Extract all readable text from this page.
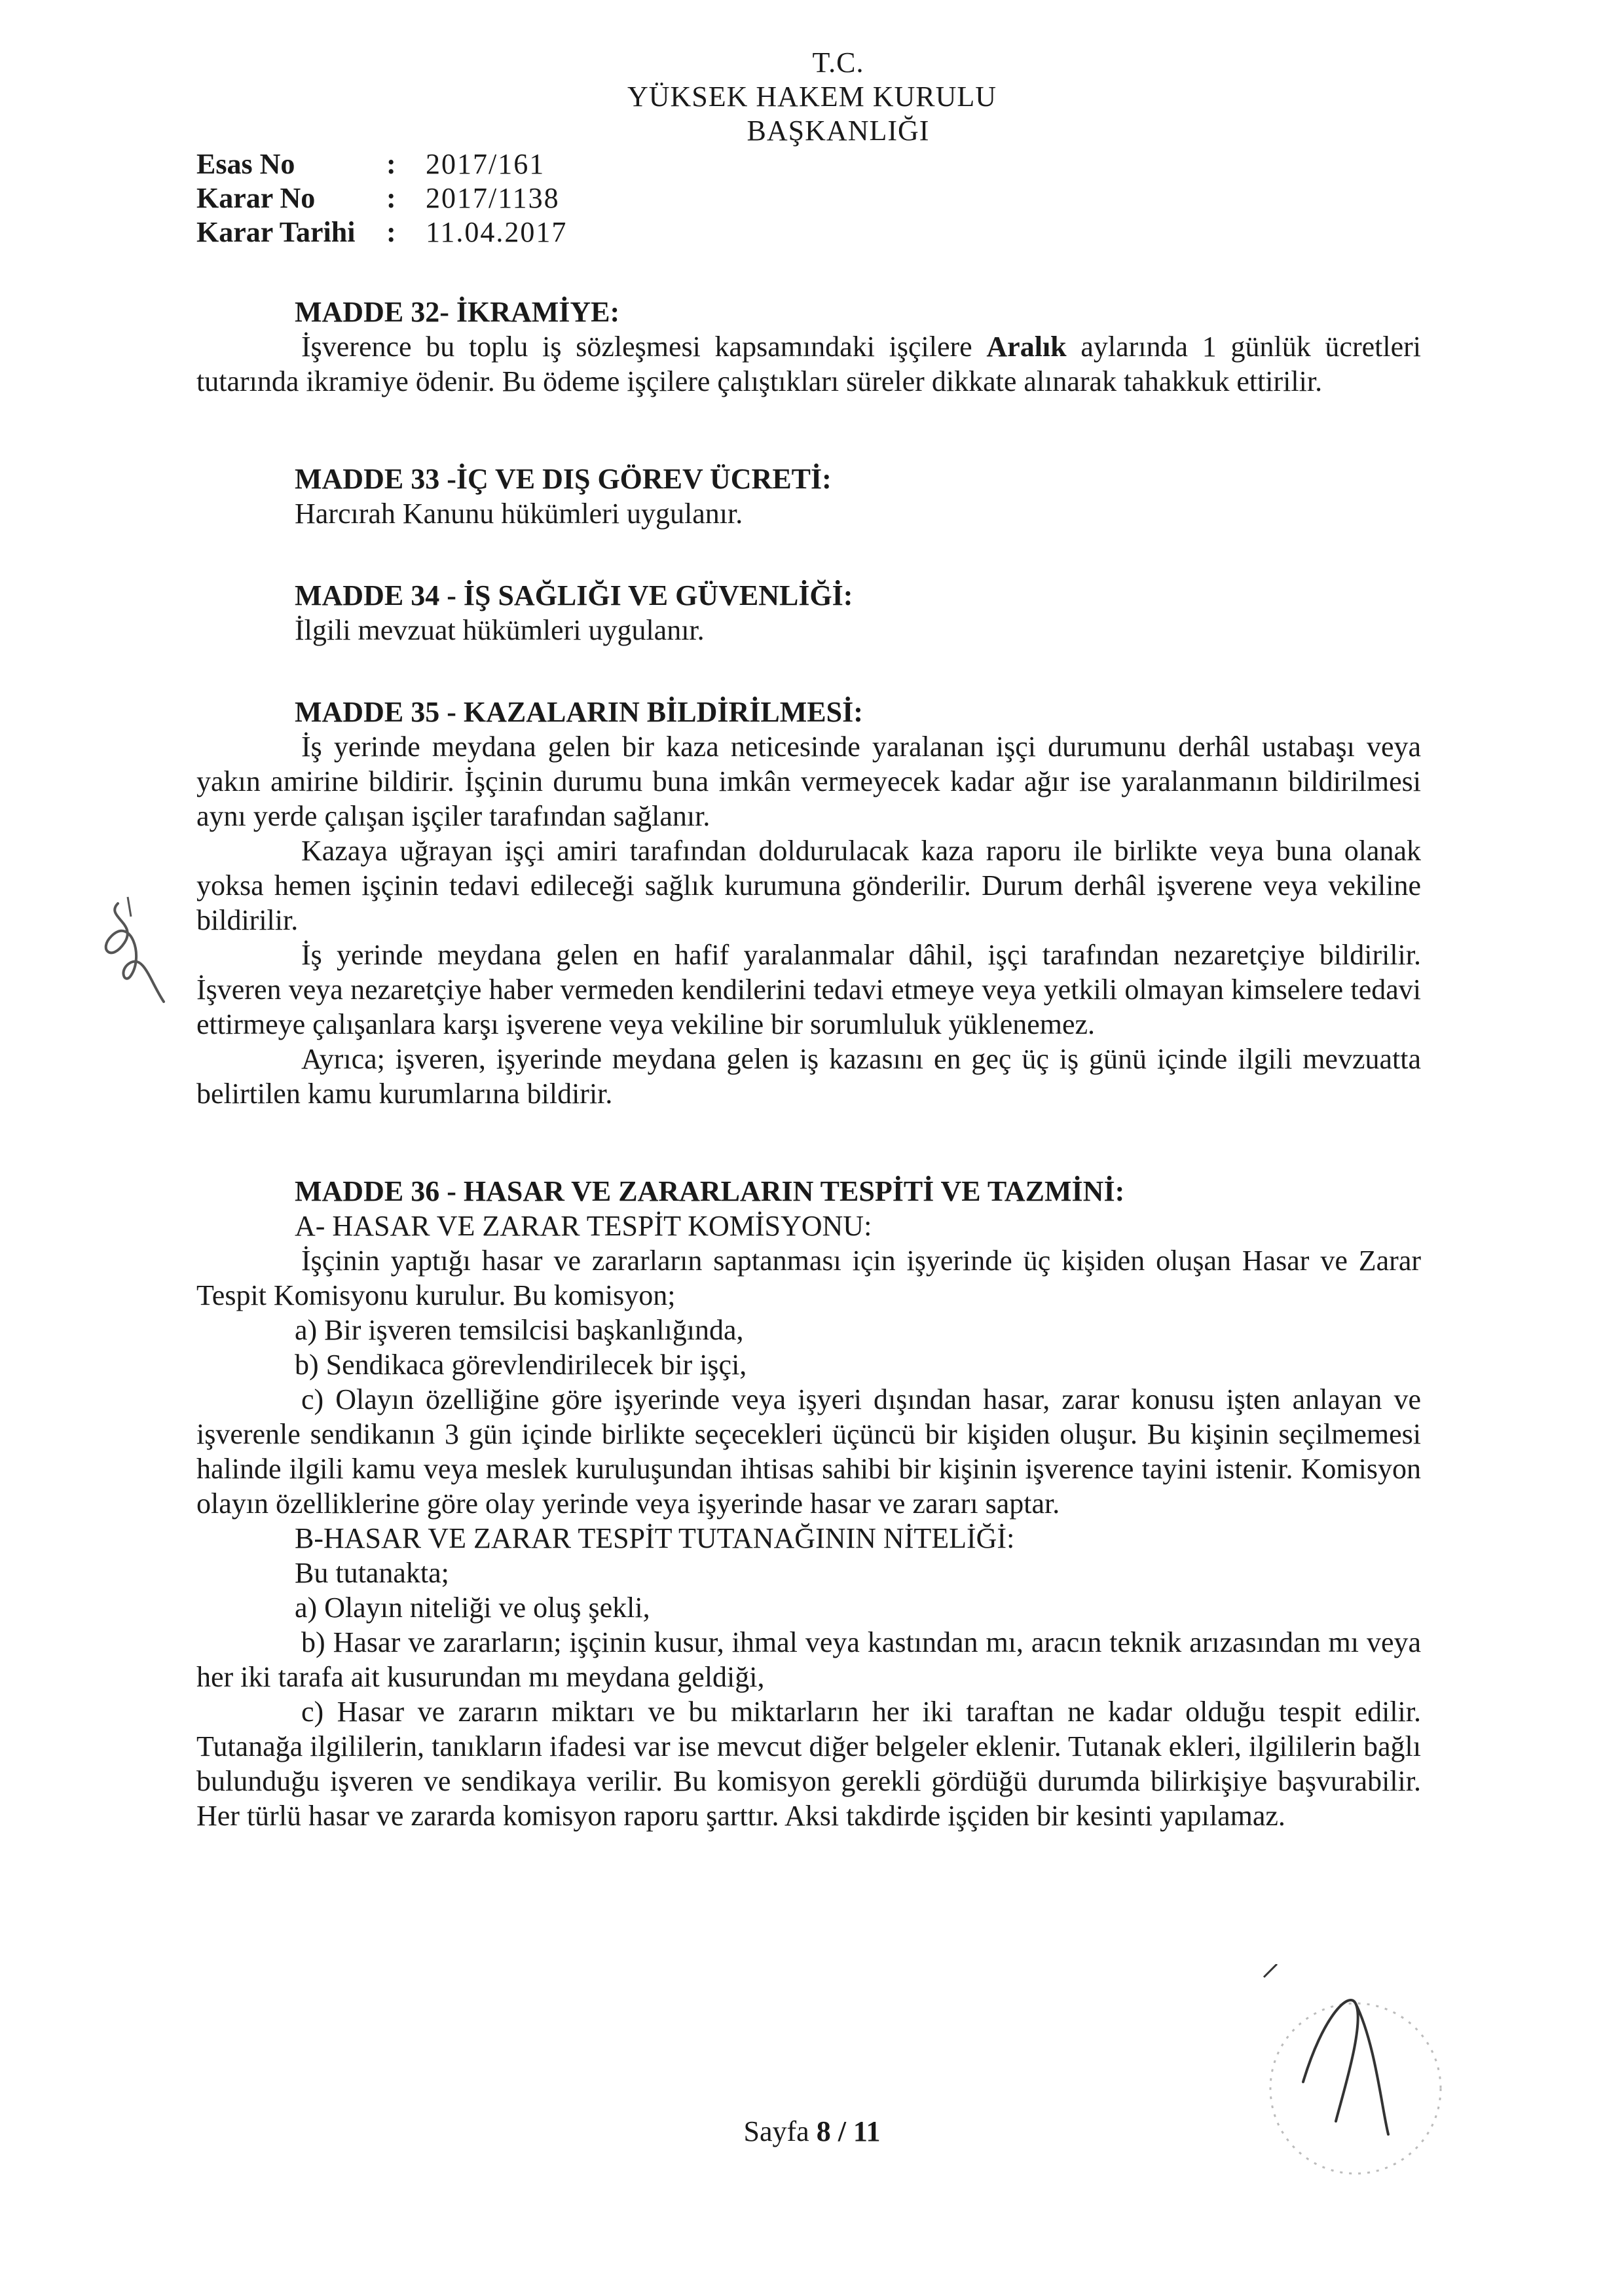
T.C.
YÜKSEK HAKEM KURULU
BAŞKANLIĞI
Esas No	:	2017/161
Karar No	:	2017/1138
Karar Tarihi	:	11.04.2017
MADDE 32- İKRAMİYE:

İşverence bu toplu iş sözleşmesi kapsamındaki işçilere Aralık aylarında 1 günlük ücretleri tutarında ikramiye ödenir. Bu ödeme işçilere çalıştıkları süreler dikkate alınarak tahakkuk ettirilir.

MADDE 33 -İÇ VE DIŞ GÖREV ÜCRETİ:
Harcırah Kanunu hükümleri uygulanır.
MADDE 34 - İŞ SAĞLIĞI VE GÜVENLİĞİ:
İlgili mevzuat hükümleri uygulanır.
MADDE 35 - KAZALARIN BİLDİRİLMESİ:

İş yerinde meydana gelen bir kaza neticesinde yaralanan işçi durumunu derhâl ustabaşı veya yakın amirine bildirir. İşçinin durumu buna imkân vermeyecek kadar ağır ise yaralanmanın bildirilmesi aynı yerde çalışan işçiler tarafından sağlanır.

Kazaya uğrayan işçi amiri tarafından doldurulacak kaza raporu ile birlikte veya buna olanak yoksa hemen işçinin tedavi edileceği sağlık kurumuna gönderilir. Durum derhâl işverene veya vekiline bildirilir.

İş yerinde meydana gelen en hafif yaralanmalar dâhil, işçi tarafından nezaretçiye bildirilir. İşveren veya nezaretçiye haber vermeden kendilerini tedavi etmeye veya yetkili olmayan kimselere tedavi ettirmeye çalışanlara karşı işverene veya vekiline bir sorumluluk yüklenemez.

Ayrıca; işveren, işyerinde meydana gelen iş kazasını en geç üç iş günü içinde ilgili mevzuatta belirtilen kamu kurumlarına bildirir.

MADDE 36 - HASAR VE ZARARLARIN TESPİTİ VE TAZMİNİ:
A- HASAR VE ZARAR TESPİT KOMİSYONU:

İşçinin yaptığı hasar ve zararların saptanması için işyerinde üç kişiden oluşan Hasar ve Zarar Tespit Komisyonu kurulur. Bu komisyon;

a) Bir işveren temsilcisi başkanlığında,
b) Sendikaca görevlendirilecek bir işçi,

c) Olayın özelliğine göre işyerinde veya işyeri dışından hasar, zarar konusu işten anlayan ve işverenle sendikanın 3 gün içinde birlikte seçecekleri üçüncü bir kişiden oluşur. Bu kişinin seçilmemesi halinde ilgili kamu veya meslek kuruluşundan ihtisas sahibi bir kişinin işverence tayini istenir. Komisyon olayın özelliklerine göre olay yerinde veya işyerinde hasar ve zararı saptar.

B-HASAR VE ZARAR TESPİT TUTANAĞININ NİTELİĞİ:
Bu tutanakta;
a) Olayın niteliği ve oluş şekli,

b) Hasar ve zararların; işçinin kusur, ihmal veya kastından mı, aracın teknik arızasından mı veya her iki tarafa ait kusurundan mı meydana geldiği,

c) Hasar ve zararın miktarı ve bu miktarların her iki taraftan ne kadar olduğu tespit edilir. Tutanağa ilgililerin, tanıkların ifadesi var ise mevcut diğer belgeler eklenir. Tutanak ekleri, ilgililerin bağlı bulunduğu işveren ve sendikaya verilir. Bu komisyon gerekli gördüğü durumda bilirkişiye başvurabilir. Her türlü hasar ve zararda komisyon raporu şarttır. Aksi takdirde işçiden bir kesinti yapılamaz.

Sayfa 8 / 11
